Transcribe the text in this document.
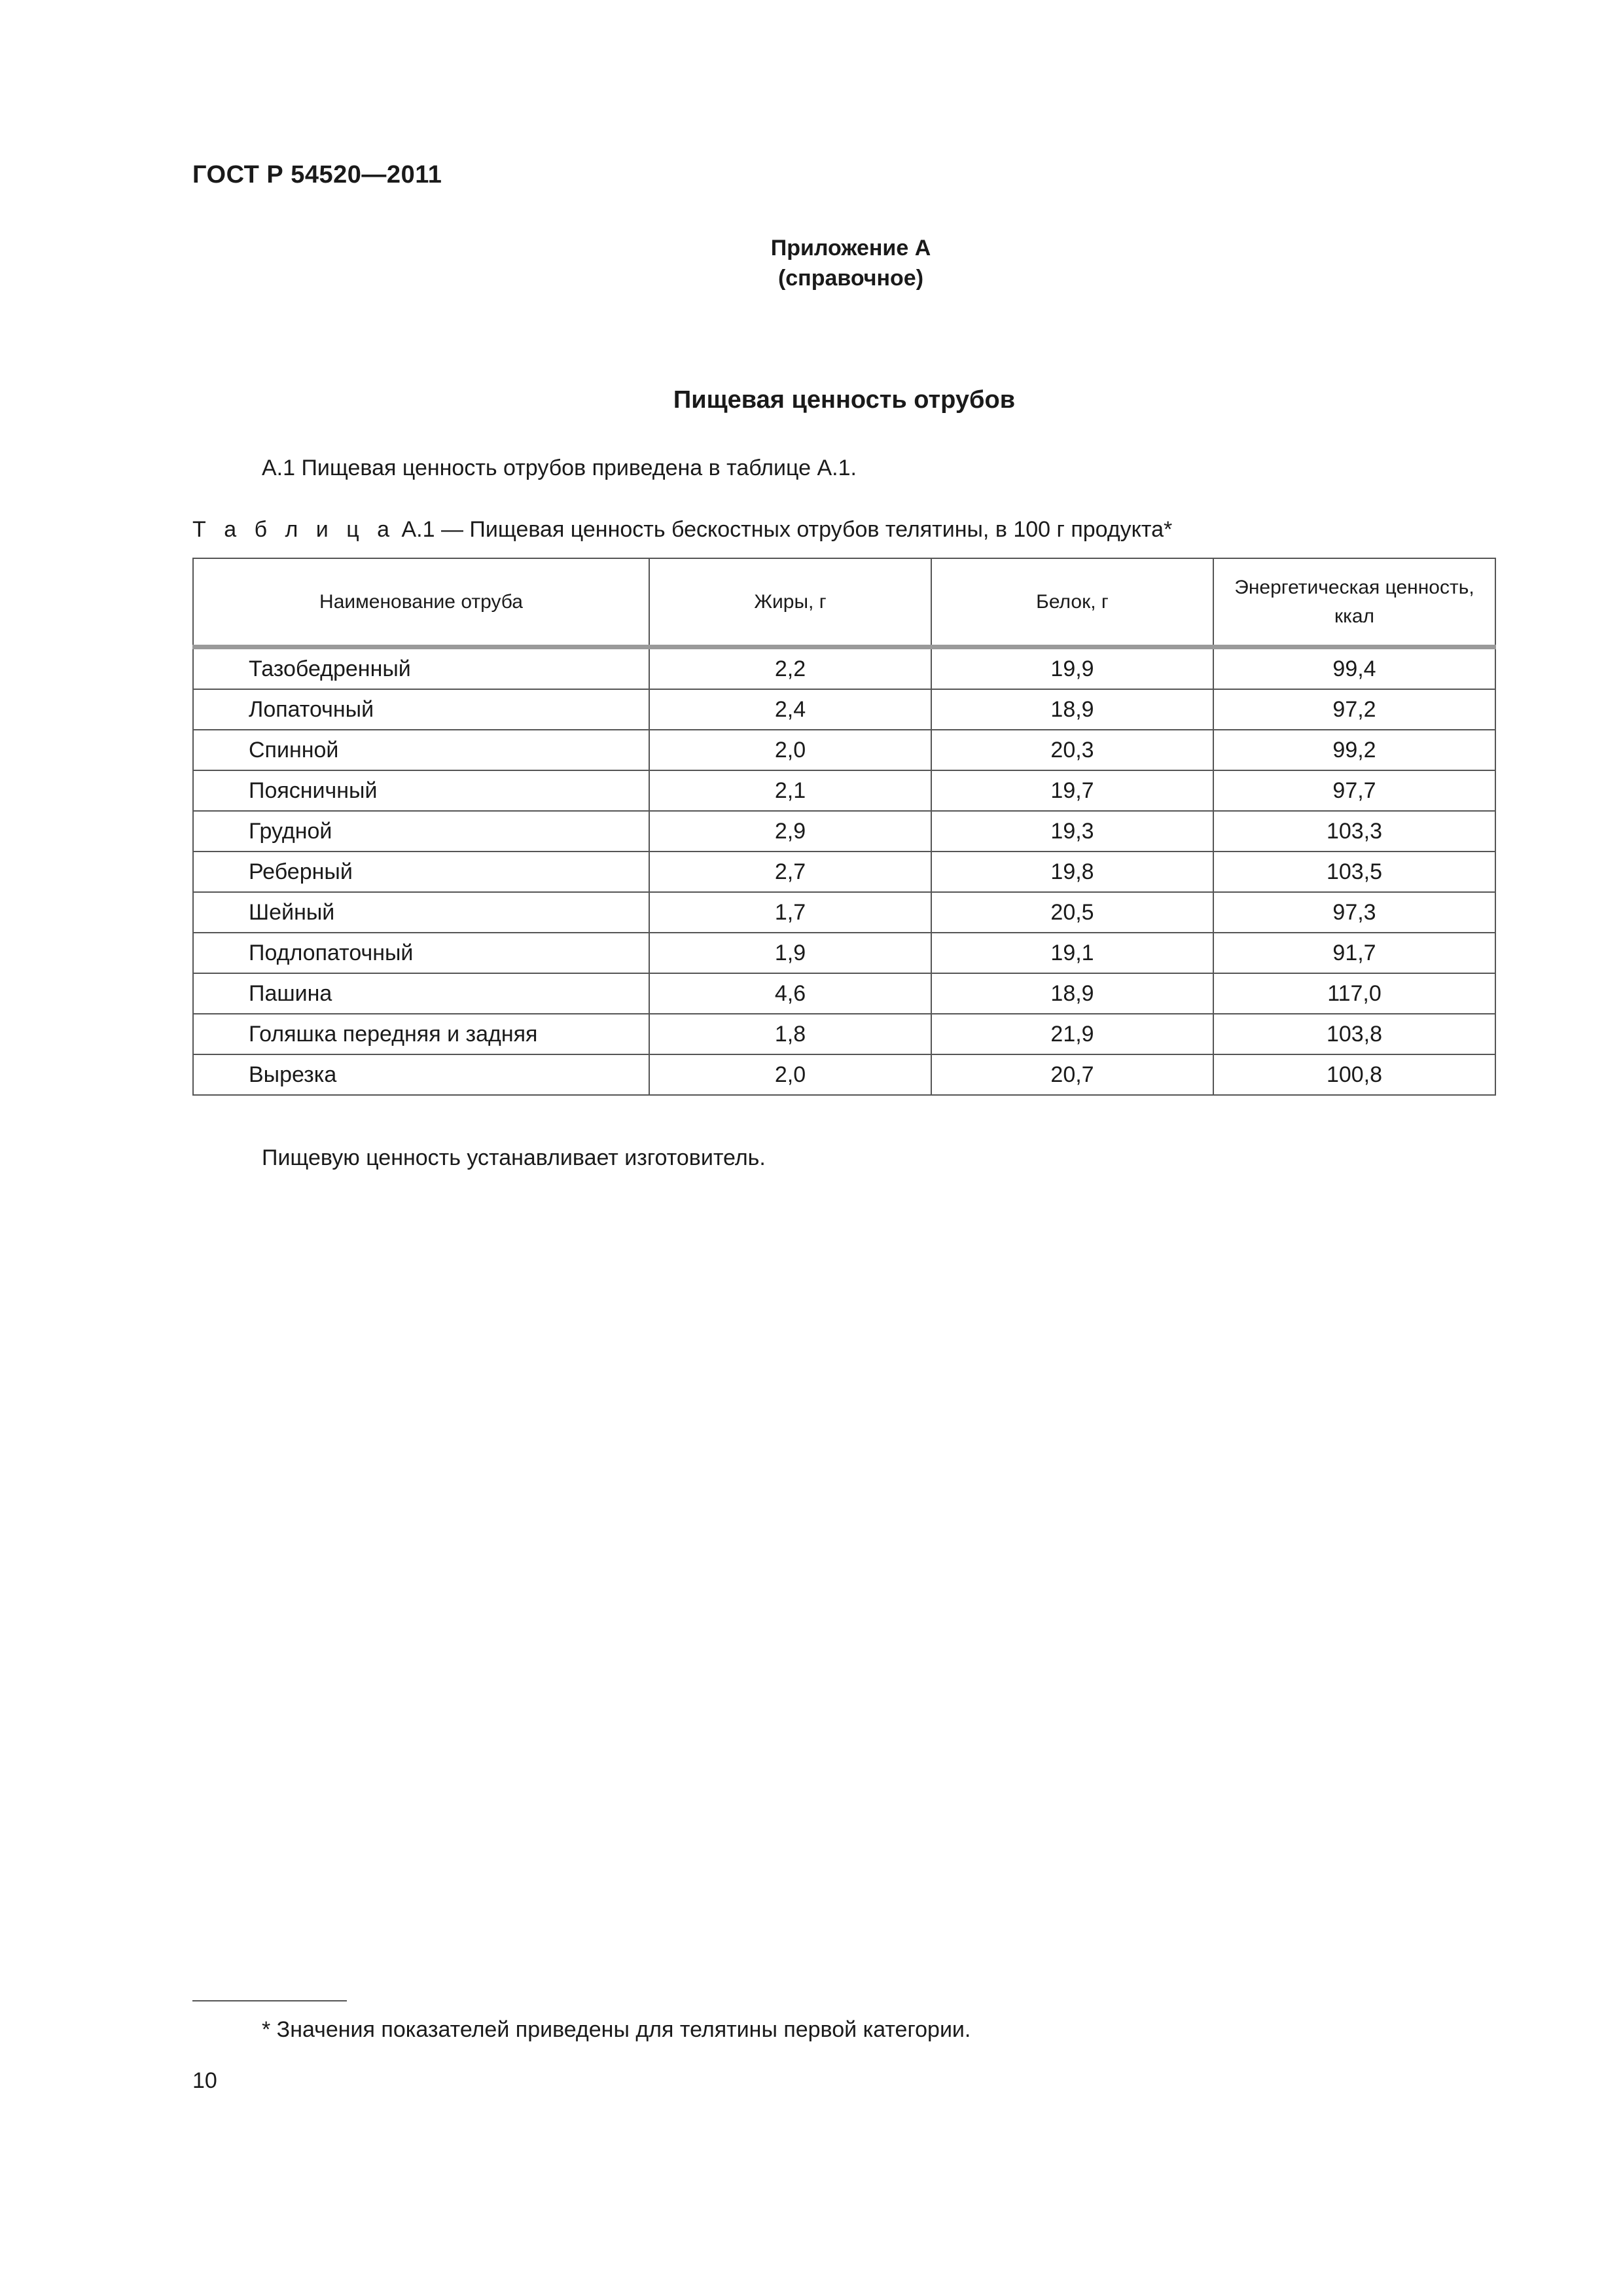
ГОСТ Р 54520—2011
Приложение А
(справочное)
Пищевая ценность отрубов
А.1 Пищевая ценность отрубов приведена в таблице А.1.
Т а б л и ц а А.1 — Пищевая ценность бескостных отрубов телятины, в 100 г продукта*
Наименование отруба	Жиры, г	Белок, г	Энергетическая ценность, ккал
Тазобедренный	2,2	19,9	99,4
Лопаточный	2,4	18,9	97,2
Спинной	2,0	20,3	99,2
Поясничный	2,1	19,7	97,7
Грудной	2,9	19,3	103,3
Реберный	2,7	19,8	103,5
Шейный	1,7	20,5	97,3
Подлопаточный	1,9	19,1	91,7
Пашина	4,6	18,9	117,0
Голяшка передняя и задняя	1,8	21,9	103,8
Вырезка	2,0	20,7	100,8
Пищевую ценность устанавливает изготовитель.
* Значения показателей приведены для телятины первой категории.
10
